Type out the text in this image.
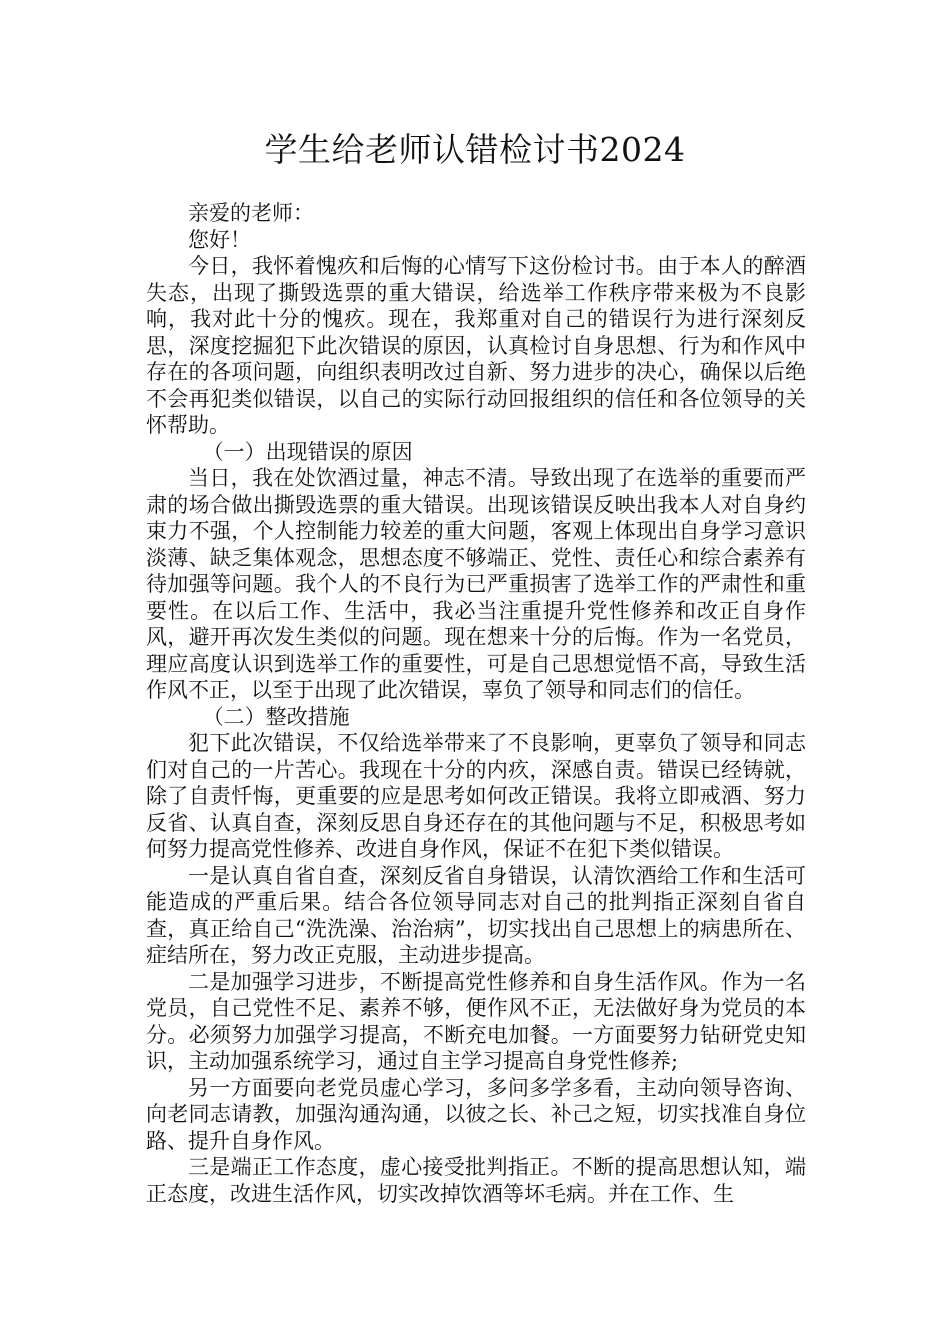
学生给老师认错检讨书2024

亲爱的老师：

您好！

今日，我怀着愧疚和后悔的心情写下这份检讨书。由于本人的醉酒失态，出现了撕毁选票的重大错误，给选举工作秩序带来极为不良影响，我对此十分的愧疚。现在，我郑重对自己的错误行为进行深刻反思，深度挖掘犯下此次错误的原因，认真检讨自身思想、行为和作风中存在的各项问题，向组织表明改过自新、努力进步的决心，确保以后绝不会再犯类似错误，以自己的实际行动回报组织的信任和各位领导的关怀帮助。

（一）出现错误的原因

当日，我在处饮酒过量，神志不清。导致出现了在选举的重要而严肃的场合做出撕毁选票的重大错误。出现该错误反映出我本人对自身约束力不强，个人控制能力较差的重大问题，客观上体现出自身学习意识淡薄、缺乏集体观念，思想态度不够端正、党性、责任心和综合素养有待加强等问题。我个人的不良行为已严重损害了选举工作的严肃性和重要性。在以后工作、生活中，我必当注重提升党性修养和改正自身作风，避开再次发生类似的问题。现在想来十分的后悔。作为一名党员，理应高度认识到选举工作的重要性，可是自己思想觉悟不高，导致生活作风不正，以至于出现了此次错误，辜负了领导和同志们的信任。

（二）整改措施

犯下此次错误，不仅给选举带来了不良影响，更辜负了领导和同志们对自己的一片苦心。我现在十分的内疚，深感自责。错误已经铸就，除了自责忏悔，更重要的应是思考如何改正错误。我将立即戒酒、努力反省、认真自查，深刻反思自身还存在的其他问题与不足，积极思考如何努力提高党性修养、改进自身作风，保证不在犯下类似错误。

一是认真自省自查，深刻反省自身错误，认清饮酒给工作和生活可能造成的严重后果。结合各位领导同志对自己的批判指正深刻自省自查，真正给自己“洗洗澡、治治病”，切实找出自己思想上的病患所在、症结所在，努力改正克服，主动进步提高。

二是加强学习进步，不断提高党性修养和自身生活作风。作为一名党员，自己党性不足、素养不够，便作风不正，无法做好身为党员的本分。必须努力加强学习提高，不断充电加餐。一方面要努力钻研党史知识，主动加强系统学习，通过自主学习提高自身党性修养;

另一方面要向老党员虚心学习，多问多学多看，主动向领导咨询、向老同志请教，加强沟通沟通，以彼之长、补己之短，切实找准自身位路、提升自身作风。

三是端正工作态度，虚心接受批判指正。不断的提高思想认知，端正态度，改进生活作风，切实改掉饮酒等坏毛病。并在工作、生
